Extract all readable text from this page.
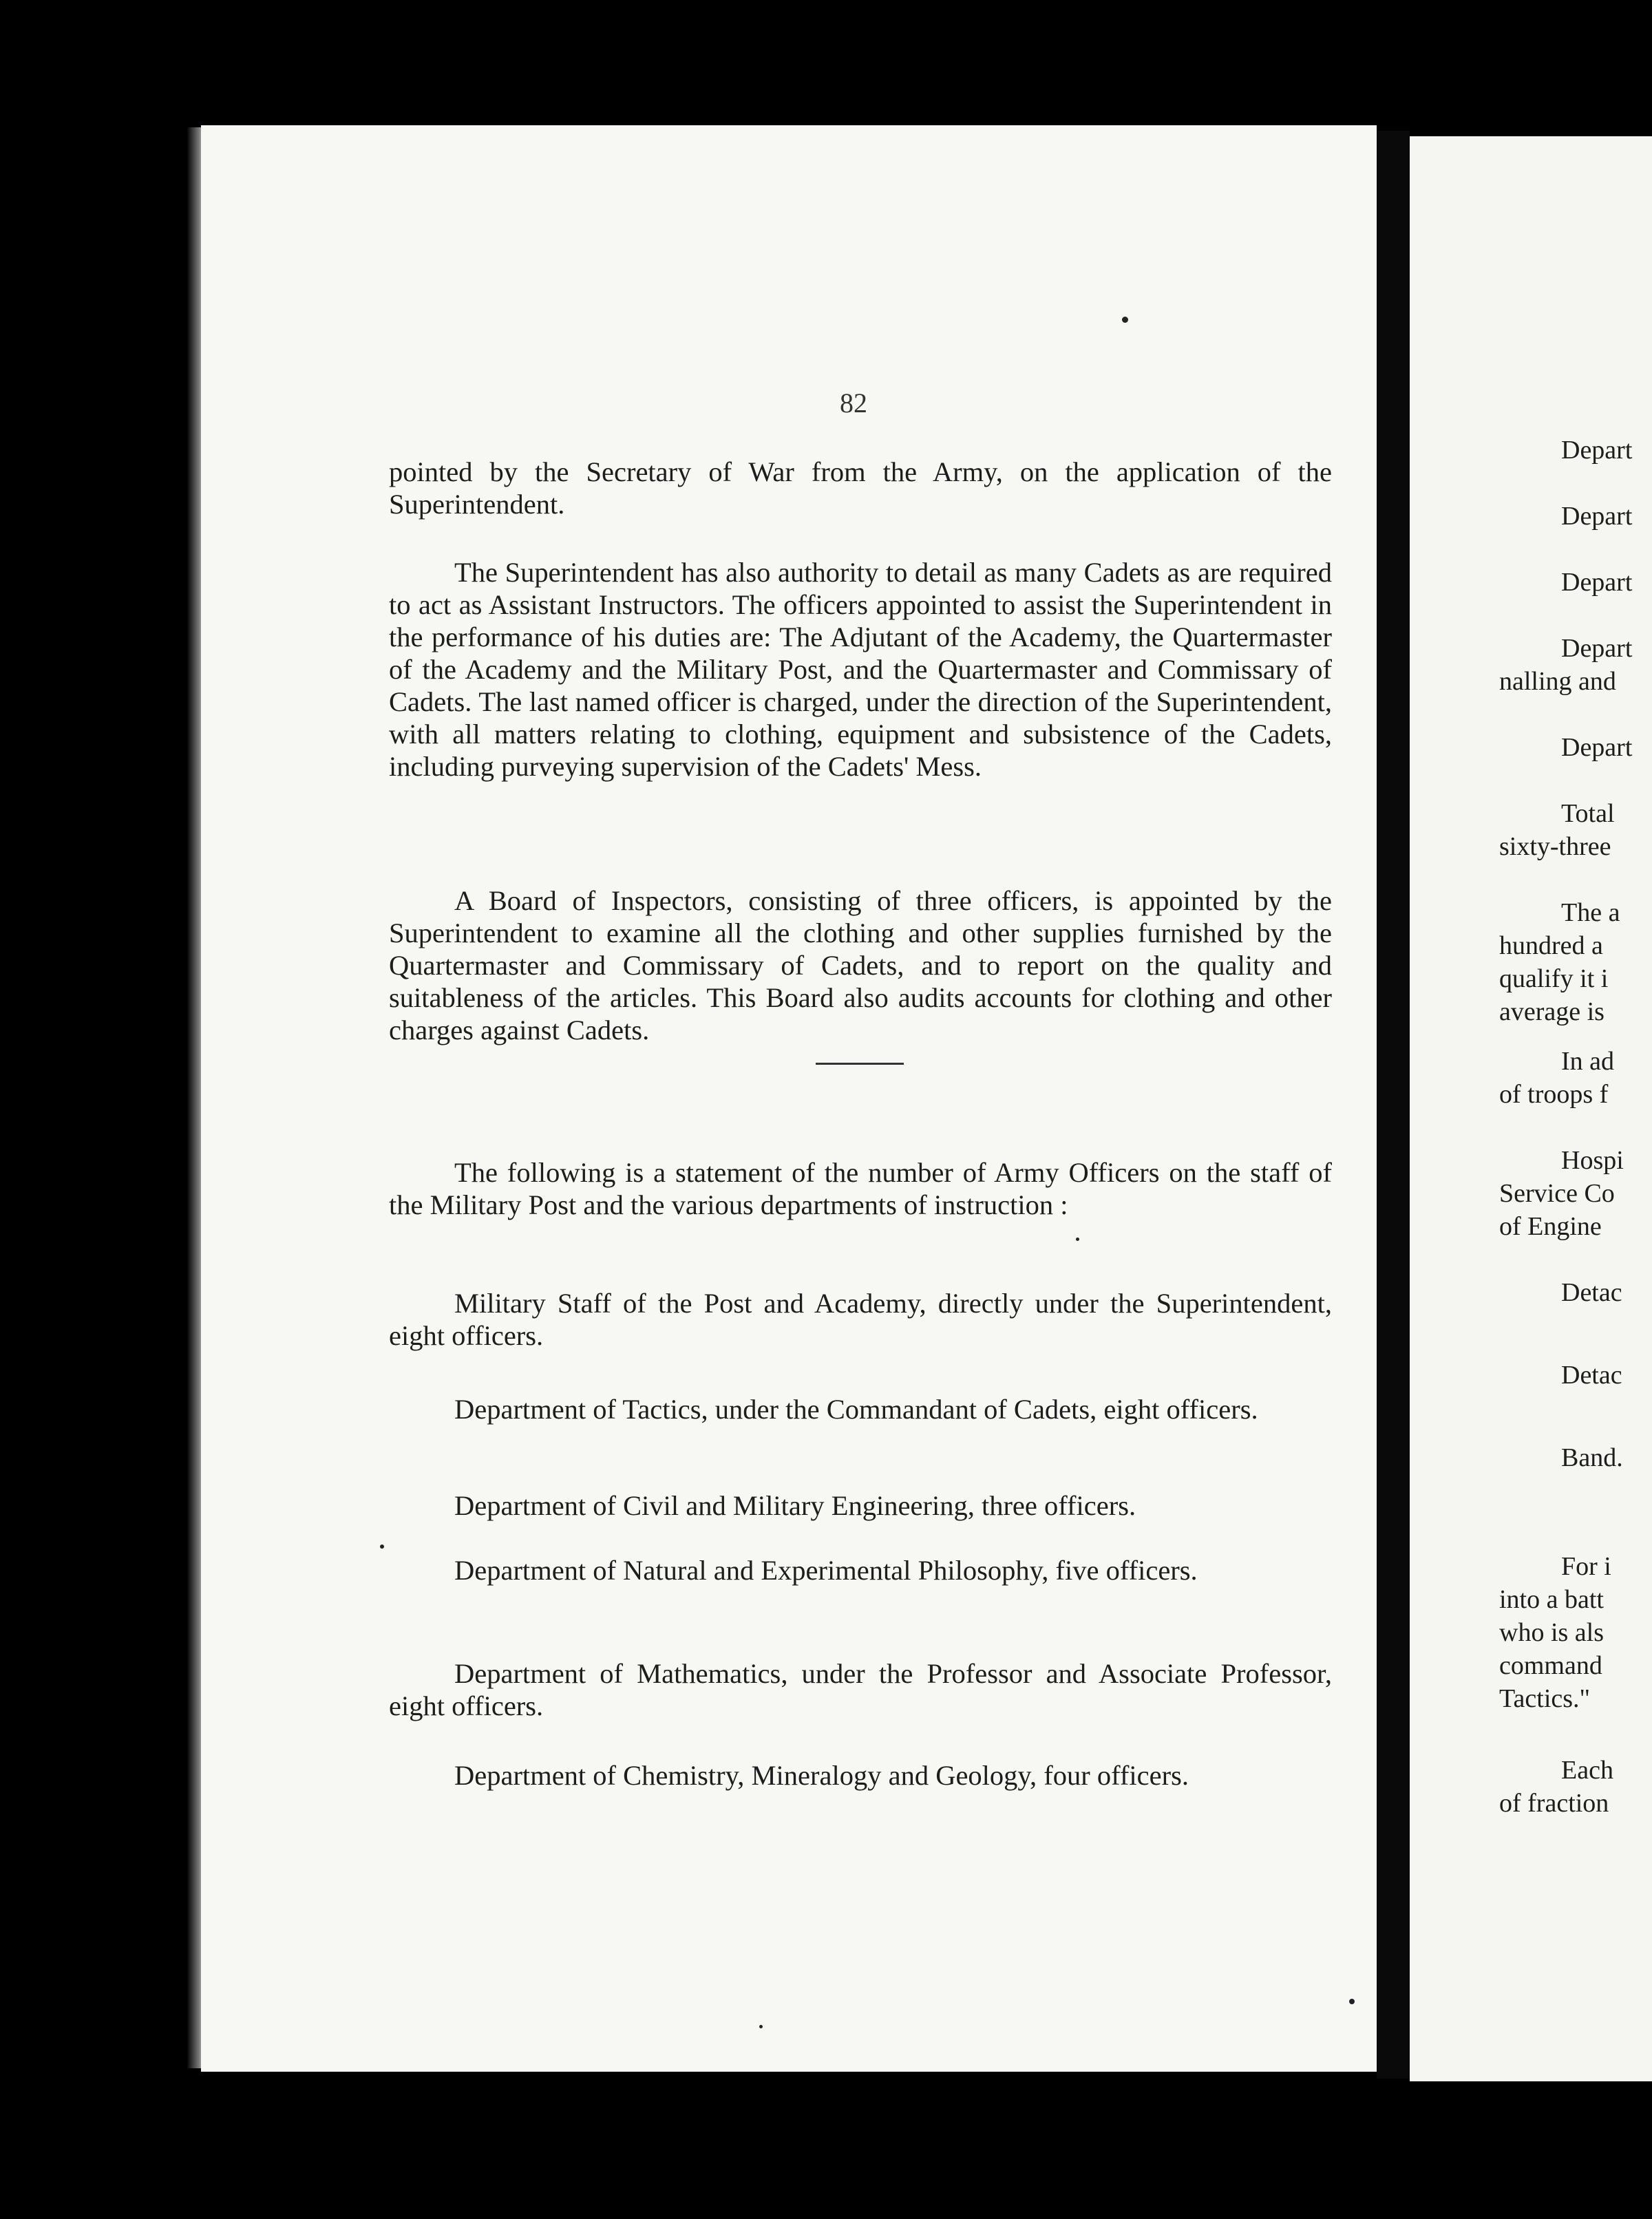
82

pointed by the Secretary of War from the Army, on the application of the Superintendent.

The Superintendent has also authority to detail as many Cadets as are required to act as Assistant Instructors. The officers appointed to assist the Superintendent in the performance of his duties are: The Adjutant of the Academy, the Quartermaster of the Academy and the Military Post, and the Quartermaster and Commissary of Cadets. The last named officer is charged, under the direction of the Superintendent, with all matters relating to clothing, equipment and subsistence of the Cadets, including purveying supervision of the Cadets' Mess.

A Board of Inspectors, consisting of three officers, is appointed by the Superintendent to examine all the clothing and other supplies furnished by the Quartermaster and Commissary of Cadets, and to report on the quality and suitableness of the articles. This Board also audits accounts for clothing and other charges against Cadets.

The following is a statement of the number of Army Officers on the staff of the Military Post and the various departments of instruction :

Military Staff of the Post and Academy, directly under the Superintendent, eight officers.

Department of Tactics, under the Commandant of Cadets, eight officers.

Department of Civil and Military Engineering, three officers.

Department of Natural and Experimental Philosophy, five officers.

Department of Mathematics, under the Professor and Associate Professor, eight officers.

Department of Chemistry, Mineralogy and Geology, four officers.

Depart
Depart
Depart
Depart
nalling and
Depart
Total
sixty-three
The a
hundred a
qualify it i
average is
In ad
of troops f
Hospi
Service Co
of Engine
Detac
Detac
Band.
For i
into a batt
who is als
command
Tactics."
Each
of fraction
